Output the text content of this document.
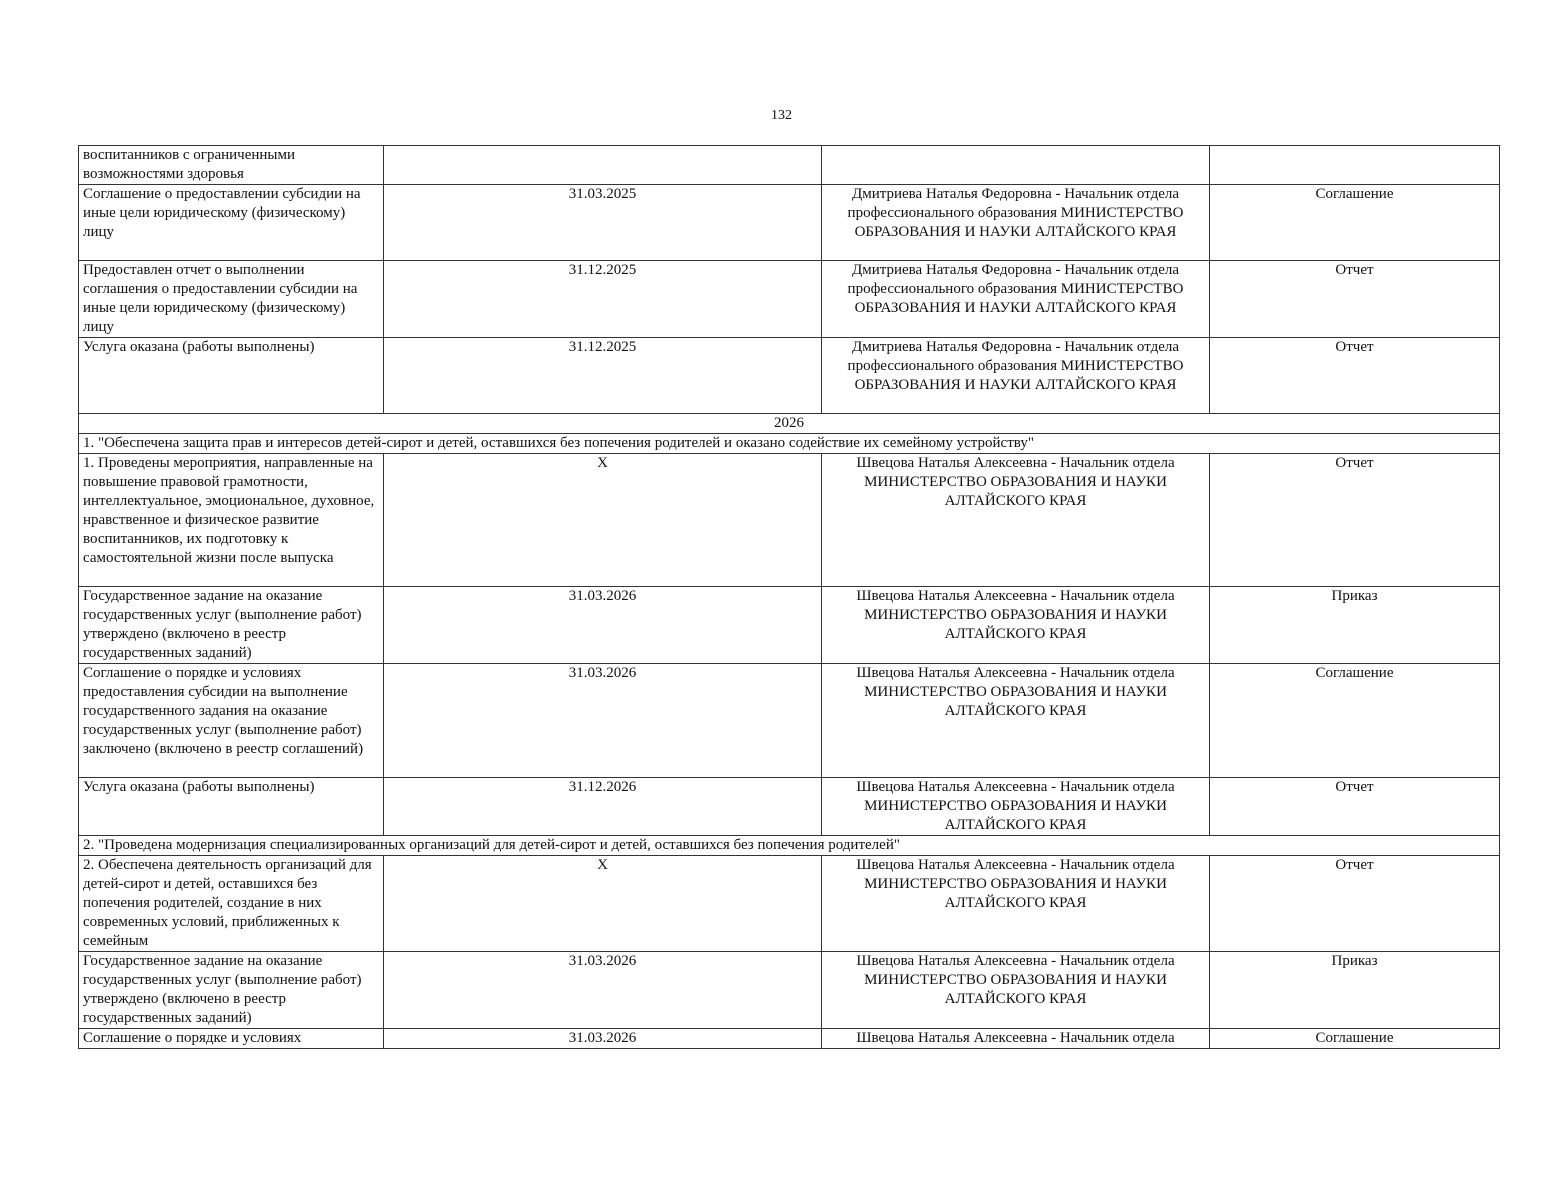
132
воспитанников с ограниченными возможностями здоровья			
Соглашение о предоставлении субсидии на иные цели юридическому (физическому) лицу	31.03.2025	Дмитриева Наталья Федоровна - Начальник отдела профессионального образования МИНИСТЕРСТВО ОБРАЗОВАНИЯ И НАУКИ АЛТАЙСКОГО КРАЯ	Соглашение
Предоставлен отчет о выполнении соглашения о предоставлении субсидии на иные цели юридическому (физическому) лицу	31.12.2025	Дмитриева Наталья Федоровна - Начальник отдела профессионального образования МИНИСТЕРСТВО ОБРАЗОВАНИЯ И НАУКИ АЛТАЙСКОГО КРАЯ	Отчет
Услуга оказана (работы выполнены)	31.12.2025	Дмитриева Наталья Федоровна - Начальник отдела профессионального образования МИНИСТЕРСТВО ОБРАЗОВАНИЯ И НАУКИ АЛТАЙСКОГО КРАЯ	Отчет
2026			
1. "Обеспечена защита прав и интересов детей-сирот и детей, оставшихся без попечения родителей и оказано содействие их семейному устройству"			
1. Проведены мероприятия, направленные на повышение правовой грамотности, интеллектуальное, эмоциональное, духовное, нравственное и физическое развитие воспитанников, их подготовку к самостоятельной жизни после выпуска	X	Швецова Наталья Алексеевна - Начальник отдела МИНИСТЕРСТВО ОБРАЗОВАНИЯ И НАУКИ АЛТАЙСКОГО КРАЯ	Отчет
Государственное задание на оказание государственных услуг (выполнение работ) утверждено (включено в реестр государственных заданий)	31.03.2026	Швецова Наталья Алексеевна - Начальник отдела МИНИСТЕРСТВО ОБРАЗОВАНИЯ И НАУКИ АЛТАЙСКОГО КРАЯ	Приказ
Соглашение о порядке и условиях предоставления субсидии на выполнение государственного задания на оказание государственных услуг (выполнение работ) заключено (включено в реестр соглашений)	31.03.2026	Швецова Наталья Алексеевна - Начальник отдела МИНИСТЕРСТВО ОБРАЗОВАНИЯ И НАУКИ АЛТАЙСКОГО КРАЯ	Соглашение
Услуга оказана (работы выполнены)	31.12.2026	Швецова Наталья Алексеевна - Начальник отдела МИНИСТЕРСТВО ОБРАЗОВАНИЯ И НАУКИ АЛТАЙСКОГО КРАЯ	Отчет
2. "Проведена модернизация специализированных организаций для детей-сирот и детей, оставшихся без попечения родителей"			
2. Обеспечена деятельность организаций для детей-сирот и детей, оставшихся без попечения родителей, создание в них современных условий, приближенных к семейным	X	Швецова Наталья Алексеевна - Начальник отдела МИНИСТЕРСТВО ОБРАЗОВАНИЯ И НАУКИ АЛТАЙСКОГО КРАЯ	Отчет
Государственное задание на оказание государственных услуг (выполнение работ) утверждено (включено в реестр государственных заданий)	31.03.2026	Швецова Наталья Алексеевна - Начальник отдела МИНИСТЕРСТВО ОБРАЗОВАНИЯ И НАУКИ АЛТАЙСКОГО КРАЯ	Приказ
Соглашение о порядке и условиях	31.03.2026	Швецова Наталья Алексеевна - Начальник отдела	Соглашение
